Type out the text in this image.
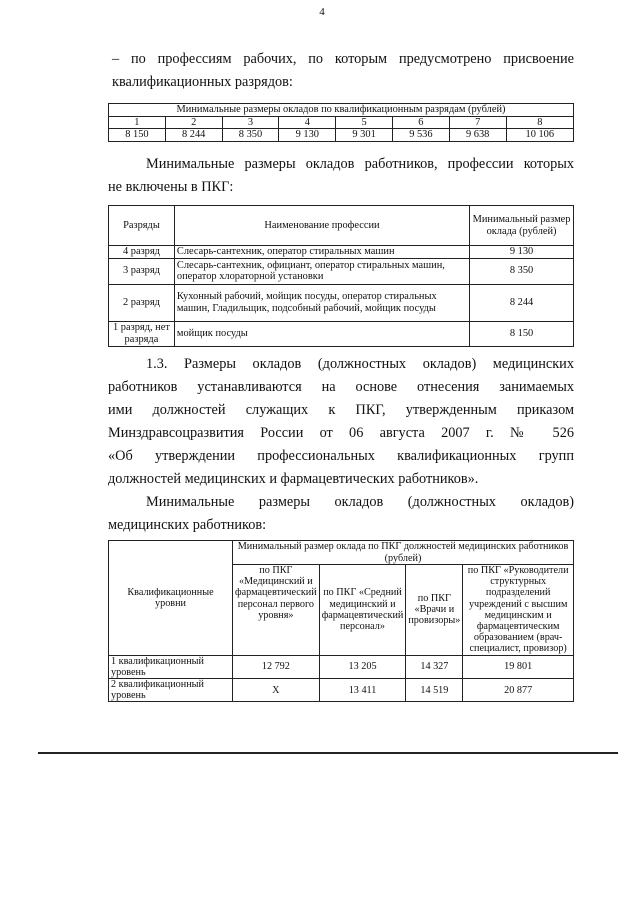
4
– по профессиям рабочих, по которым предусмотрено присвоение
квалификационных разрядов:
Минимальные размеры окладов по квалификационным разрядам (рублей)							
1	2	3	4	5	6	7	8
8 150	8 244	8 350	9 130	9 301	9 536	9 638	10 106
Минимальные размеры окладов работников, профессии которых
не включены в ПКГ:
Разряды	Наименование профессии	Минимальный размер оклада (рублей)
4 разряд	Слесарь-сантехник, оператор стиральных машин	9 130
3 разряд	Слесарь-сантехник, официант, оператор стиральных машин, оператор хлораторной установки	8 350
2 разряд	Кухонный рабочий, мойщик посуды, оператор стиральных машин, Гладильщик, подсобный рабочий, мойщик посуды	8 244
1 разряд, нет разряда	мойщик посуды	8 150
1.3. Размеры окладов (должностных окладов) медицинских
работников устанавливаются на основе отнесения занимаемых
ими должностей служащих к ПКГ, утвержденным приказом
Минздравсоцразвития России от 06 августа 2007 г. № 526
«Об утверждении профессиональных квалификационных групп
должностей медицинских и фармацевтических работников».
Минимальные размеры окладов (должностных окладов)
медицинских работников:
Квалификационные уровни	Минимальный размер оклада по ПКГ должностей медицинских работников (рублей)			
	по ПКГ «Медицинский и фармацевтический персонал первого уровня»	по ПКГ «Средний медицинский и фармацевтический персонал»	по ПКГ «Врачи и провизоры»	по ПКГ «Руководители структурных подразделений учреждений с высшим медицинским и фармацевтическим образованием (врач-специалист, провизор)
1 квалификационный уровень	12 792	13 205	14 327	19 801
2 квалификационный уровень	Х	13 411	14 519	20 877
